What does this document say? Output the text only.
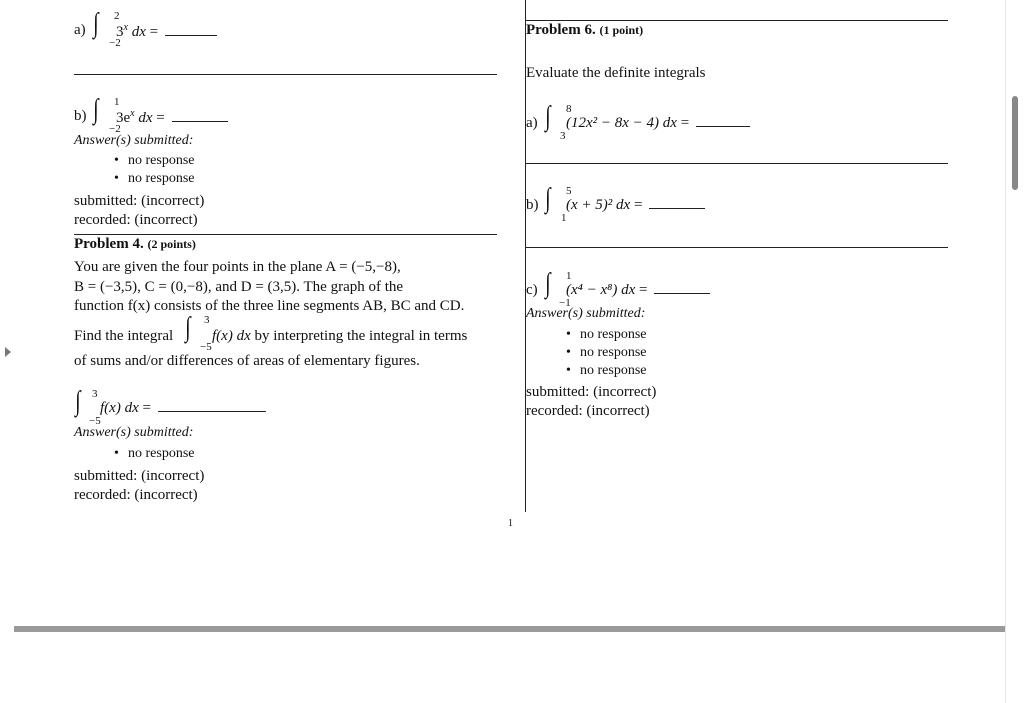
a) ∫ 2
−2
3$^x$ dx =
b) ∫ 1
−2
$3e^x$ dx =
Answer(s) submitted:
• no response
• no response
submitted: (incorrect)
recorded: (incorrect)
Problem 4. (2 points)
You are given the four points in the plane A = (−5,−8),
B = (−3,5), C = (0,−8), and D = (3,5). The graph of the
function f(x) consists of the three line segments AB, BC and CD.
Find the integral ∫ 3
−5
f(x) dx by interpreting the integral in terms
of sums and/or differences of areas of elementary figures.
∫ 3
−5
f(x) dx =
Answer(s) submitted:
• no response
submitted: (incorrect)
recorded: (incorrect)
1
Problem 6. (1 point)
Evaluate the definite integrals
a) ∫ 8
3
(12x² − 8x − 4) dx =
b) ∫ 5
1
(x + 5)² dx =
c) ∫ 1
−1
(x⁴ − x⁸) dx =
Answer(s) submitted:
• no response
• no response
• no response
submitted: (incorrect)
recorded: (incorrect)
